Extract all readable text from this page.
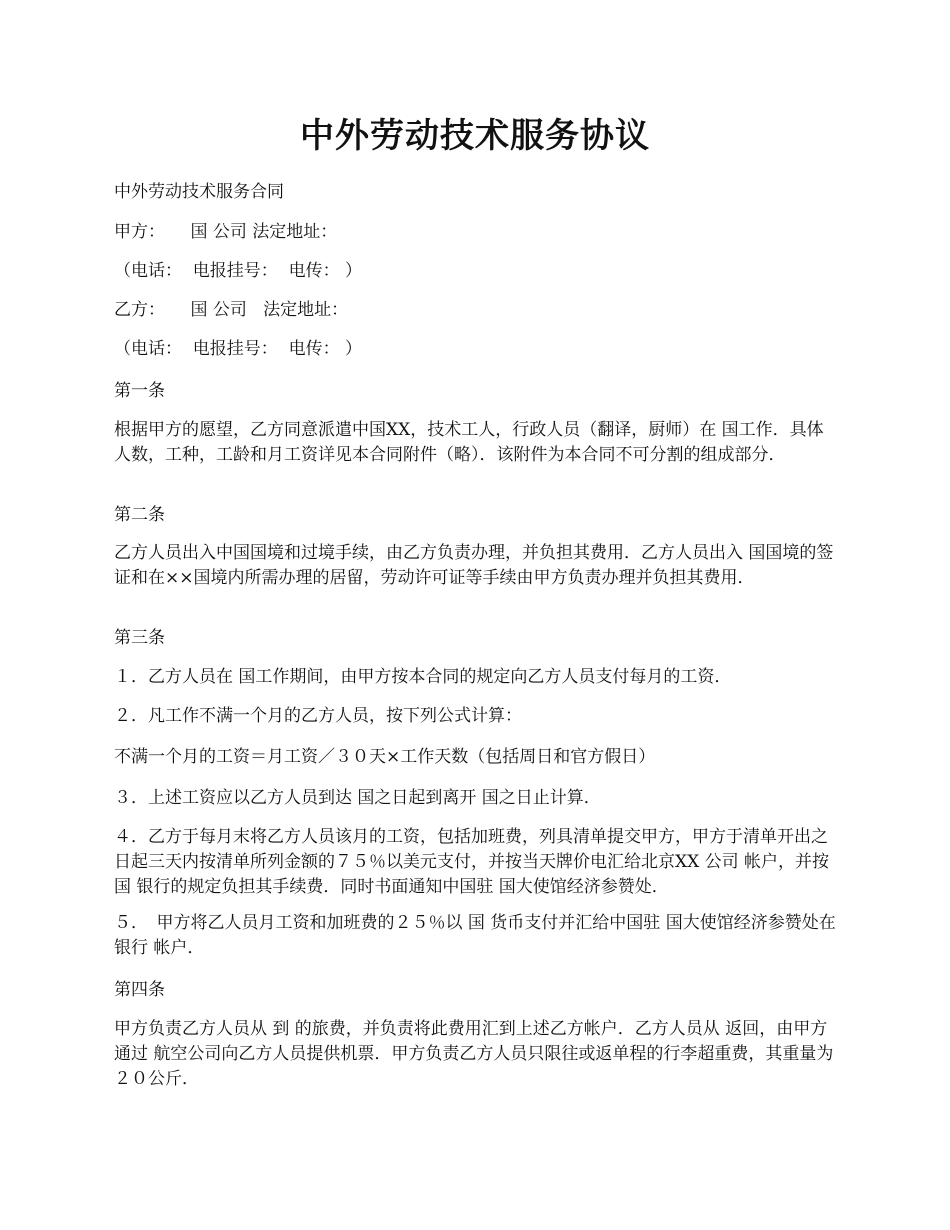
中外劳动技术服务协议

中外劳动技术服务合同

甲方：　　国 公司 法定地址：

（电话：  电报挂号：  电传： ）

乙方：　　国 公司   法定地址：

（电话：  电报挂号：  电传： ）

第一条

根据甲方的愿望，乙方同意派遣中国XX，技术工人，行政人员（翻译，厨师）在 国工作．具体人数，工种，工龄和月工资详见本合同附件（略）．该附件为本合同不可分割的组成部分．

第二条

乙方人员出入中国国境和过境手续，由乙方负责办理，并负担其费用．乙方人员出入 国国境的签证和在××国境内所需办理的居留，劳动许可证等手续由甲方负责办理并负担其费用．

第三条

１．乙方人员在 国工作期间，由甲方按本合同的规定向乙方人员支付每月的工资．

２．凡工作不满一个月的乙方人员，按下列公式计算：

不满一个月的工资＝月工资／３０天×工作天数（包括周日和官方假日）

３．上述工资应以乙方人员到达 国之日起到离开 国之日止计算．

４．乙方于每月末将乙方人员该月的工资，包括加班费，列具清单提交甲方，甲方于清单开出之日起三天内按清单所列金额的７５％以美元支付，并按当天牌价电汇给北京XX 公司 帐户，并按 国 银行的规定负担其手续费．同时书面通知中国驻 国大使馆经济参赞处．

５．　甲方将乙人员月工资和加班费的２５％以 国 货币支付并汇给中国驻 国大使馆经济参赞处在 银行 帐户．

第四条

甲方负责乙方人员从 到 的旅费，并负责将此费用汇到上述乙方帐户．乙方人员从 返回，由甲方通过 航空公司向乙方人员提供机票．甲方负责乙方人员只限往或返单程的行李超重费，其重量为２０公斤．
